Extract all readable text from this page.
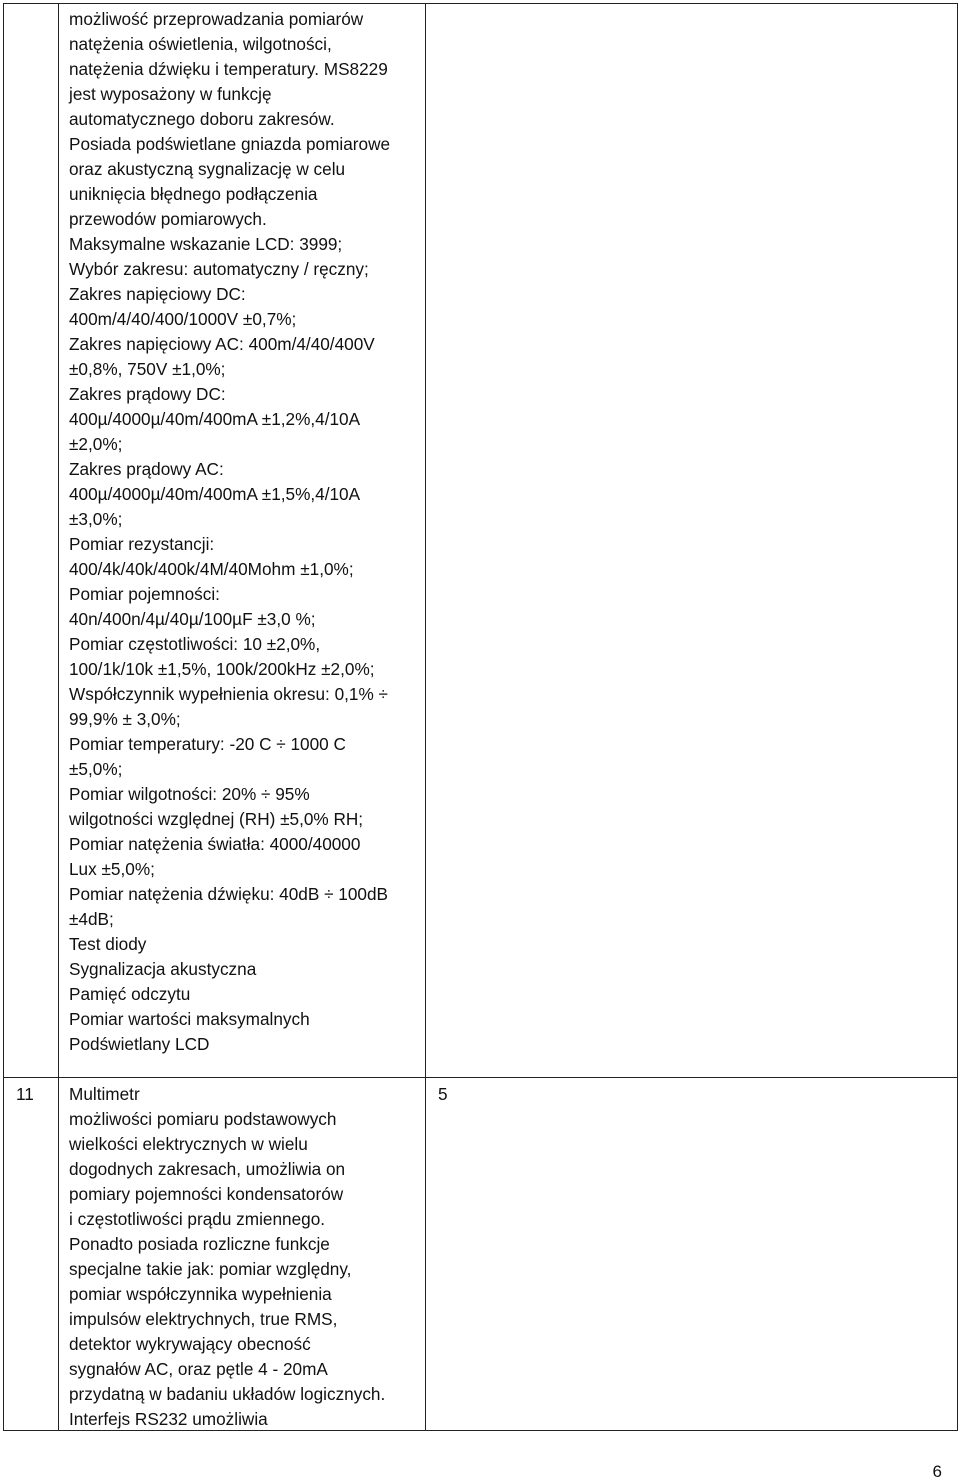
możliwość przeprowadzania pomiarów
natężenia oświetlenia, wilgotności,
natężenia dźwięku i temperatury. MS8229
jest wyposażony w funkcję
automatycznego doboru zakresów.
Posiada podświetlane gniazda pomiarowe
oraz akustyczną sygnalizację w celu
uniknięcia błędnego podłączenia
przewodów pomiarowych.
Maksymalne wskazanie LCD: 3999;
Wybór zakresu: automatyczny / ręczny;
Zakres napięciowy DC:
400m/4/40/400/1000V ±0,7%;
Zakres napięciowy AC: 400m/4/40/400V
±0,8%, 750V ±1,0%;
Zakres prądowy DC:
400µ/4000µ/40m/400mA ±1,2%,4/10A
±2,0%;
Zakres prądowy AC:
400µ/4000µ/40m/400mA ±1,5%,4/10A
±3,0%;
Pomiar rezystancji:
400/4k/40k/400k/4M/40Mohm ±1,0%;
Pomiar pojemności:
40n/400n/4µ/40µ/100µF ±3,0 %;
Pomiar częstotliwości: 10 ±2,0%,
100/1k/10k ±1,5%, 100k/200kHz ±2,0%;
Współczynnik wypełnienia okresu: 0,1% ÷
99,9% ± 3,0%;
Pomiar temperatury: -20 C ÷ 1000 C
±5,0%;
Pomiar wilgotności: 20% ÷ 95%
wilgotności względnej (RH) ±5,0% RH;
Pomiar natężenia światła: 4000/40000
Lux ±5,0%;
Pomiar natężenia dźwięku: 40dB ÷ 100dB
±4dB;
Test diody
Sygnalizacja akustyczna
Pamięć odczytu
Pomiar wartości maksymalnych
Podświetlany LCD
11 Multimetr
możliwości pomiaru podstawowych
wielkości elektrycznych w wielu
dogodnych zakresach, umożliwia on
pomiary pojemności kondensatorów
i częstotliwości prądu zmiennego.
Ponadto posiada rozliczne funkcje
specjalne takie jak: pomiar względny,
pomiar współczynnika wypełnienia
impulsów elektrychnych, true RMS,
detektor wykrywający obecność
sygnałów AC, oraz pętle 4 - 20mA
przydatną w badaniu układów logicznych.
Interfejs RS232 umożliwia
5
6
